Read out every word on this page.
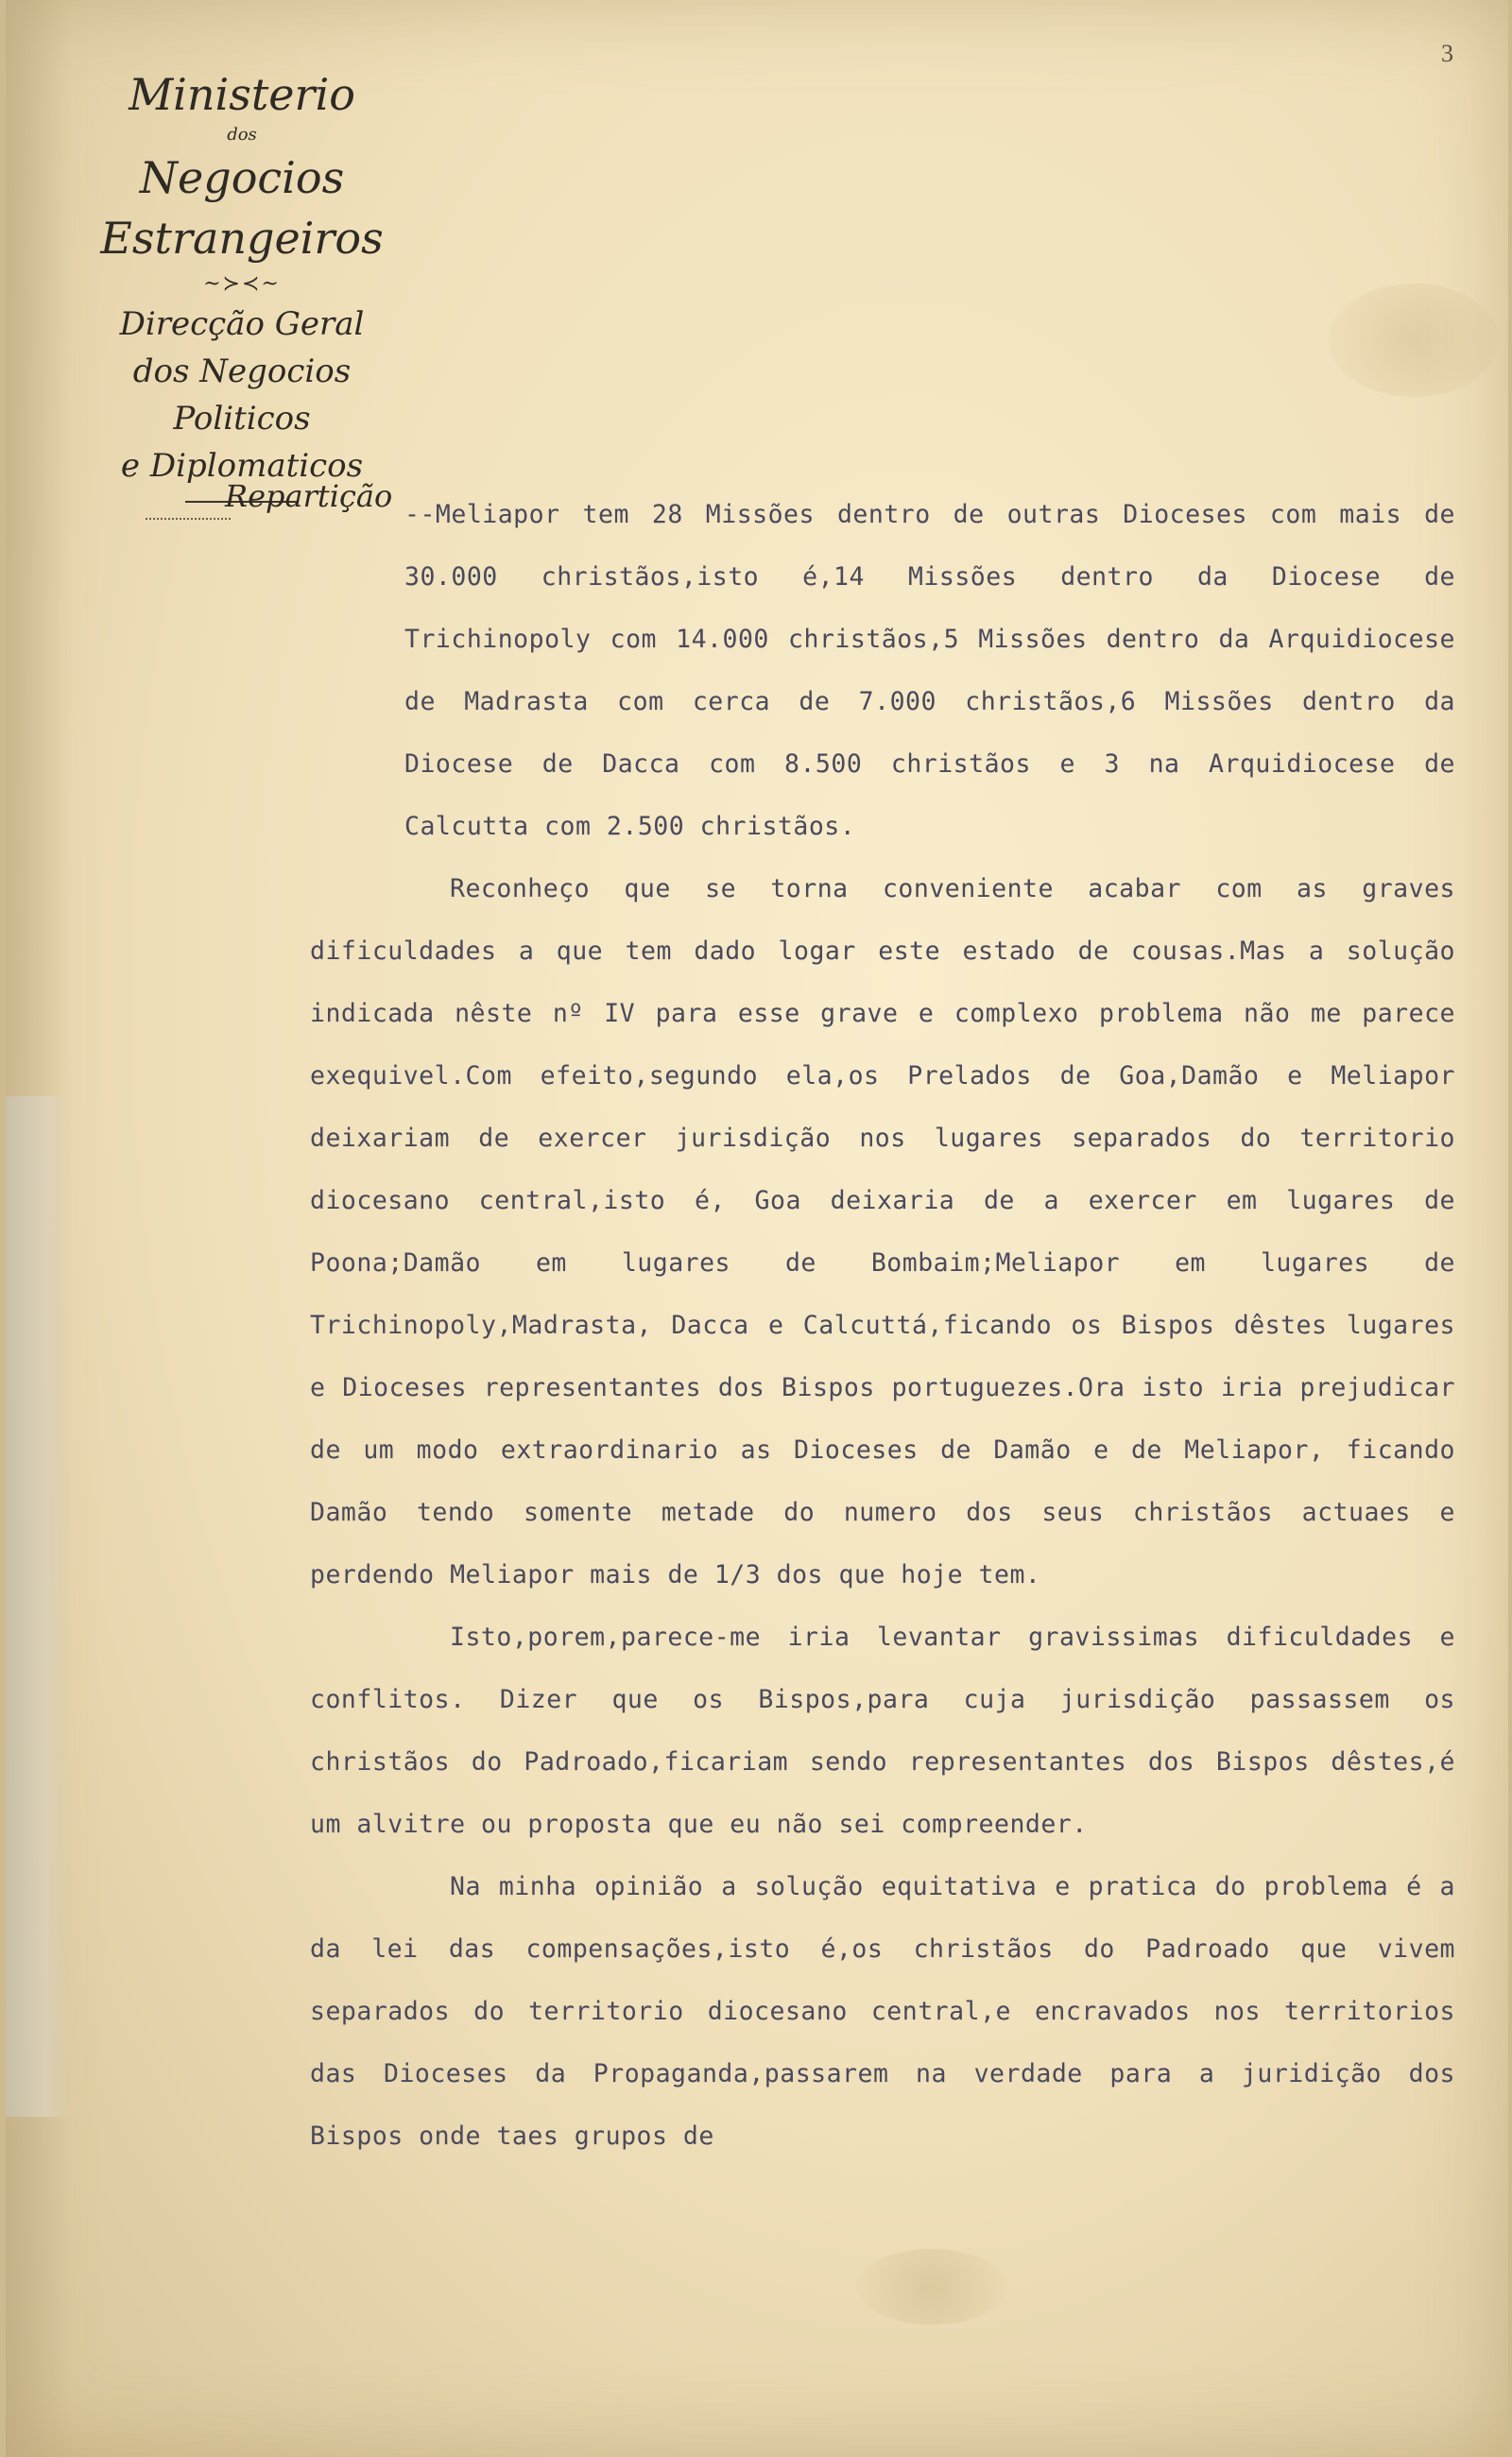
3
Ministerio
dos
Negocios Estrangeiros
~≻≺~
Direcção Geral
dos Negocios Politicos
e Diplomaticos
Repartição

--Meliapor tem 28 Missões dentro de outras Dioceses com mais de 30.000 christãos,isto é,14 Missões dentro da Diocese de Trichinopoly com 14.000 christãos,5 Missões dentro da Arquidiocese de Madrasta com cerca de 7.000 christãos,6 Missões dentro da Diocese de Dacca com 8.500 christãos e 3 na Arquidiocese de Calcutta com 2.500 christãos.

Reconheço que se torna conveniente acabar com as graves dificuldades a que tem dado logar este estado de cousas.Mas a solução indicada nêste nº IV para esse grave e complexo problema não me parece exequivel.Com efeito,segundo ela,os Prelados de Goa,Damão e Meliapor deixariam de exercer jurisdição nos lugares separados do territorio diocesano central,isto é, Goa deixaria de a exercer em lugares de Poona;Damão em lugares de Bombaim;Meliapor em lugares de Trichinopoly,Madrasta, Dacca e Calcuttá,ficando os Bispos dêstes lugares e Dioceses representantes dos Bispos portuguezes.Ora isto iria prejudicar de um modo extraordinario as Dioceses de Damão e de Meliapor, ficando Damão tendo somente metade do numero dos seus christãos actuaes e perdendo Meliapor mais de 1/3 dos que hoje tem.

Isto,porem,parece-me iria levantar gravissimas dificuldades e conflitos. Dizer que os Bispos,para cuja jurisdição passassem os christãos do Padroado,ficariam sendo representantes dos Bispos dêstes,é um alvitre ou proposta que eu não sei compreender.

Na minha opinião a solução equitativa e pratica do problema é a da lei das compensações,isto é,os christãos do Padroado que vivem separados do territorio diocesano central,e encravados nos territorios das Dioceses da Propaganda,passarem na verdade para a juridição dos Bispos onde taes grupos de
